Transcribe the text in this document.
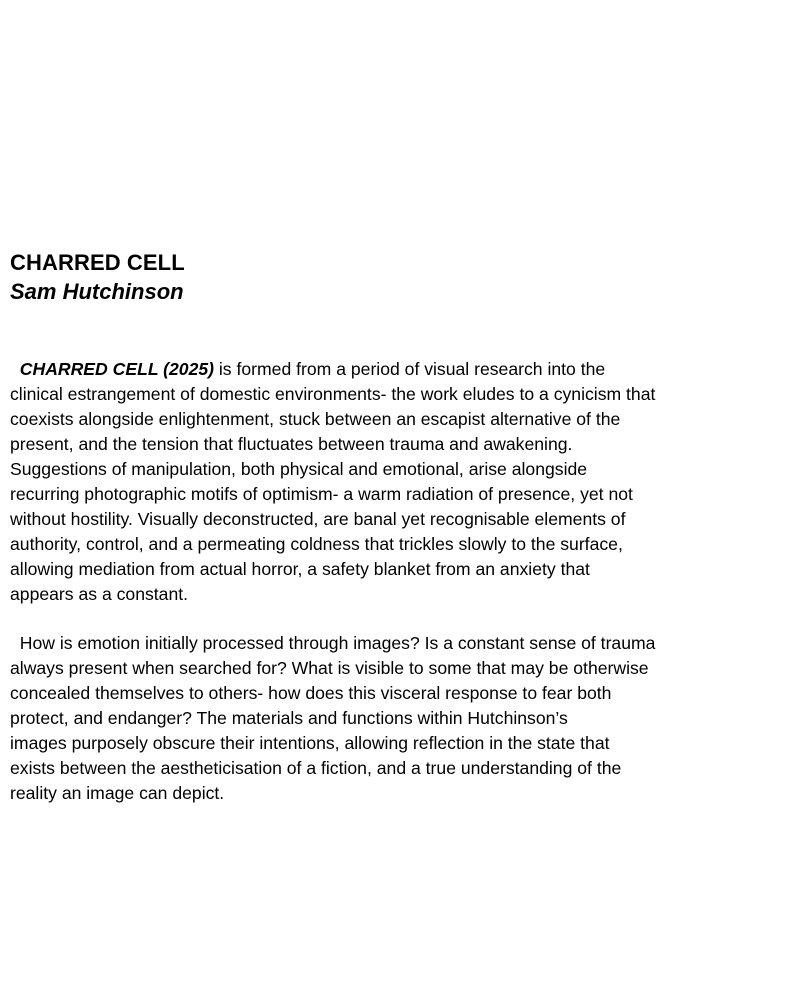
CHARRED CELL
Sam Hutchinson

CHARRED CELL (2025) is formed from a period of visual research into the
clinical estrangement of domestic environments- the work eludes to a cynicism that
coexists alongside enlightenment, stuck between an escapist alternative of the
present, and the tension that fluctuates between trauma and awakening.
Suggestions of manipulation, both physical and emotional, arise alongside
recurring photographic motifs of optimism- a warm radiation of presence, yet not
without hostility. Visually deconstructed, are banal yet recognisable elements of
authority, control, and a permeating coldness that trickles slowly to the surface,
allowing mediation from actual horror, a safety blanket from an anxiety that
appears as a constant.

How is emotion initially processed through images? Is a constant sense of trauma
always present when searched for? What is visible to some that may be otherwise
concealed themselves to others- how does this visceral response to fear both
protect, and endanger? The materials and functions within Hutchinson’s
images purposely obscure their intentions, allowing reflection in the state that
exists between the aestheticisation of a fiction, and a true understanding of the
reality an image can depict.
